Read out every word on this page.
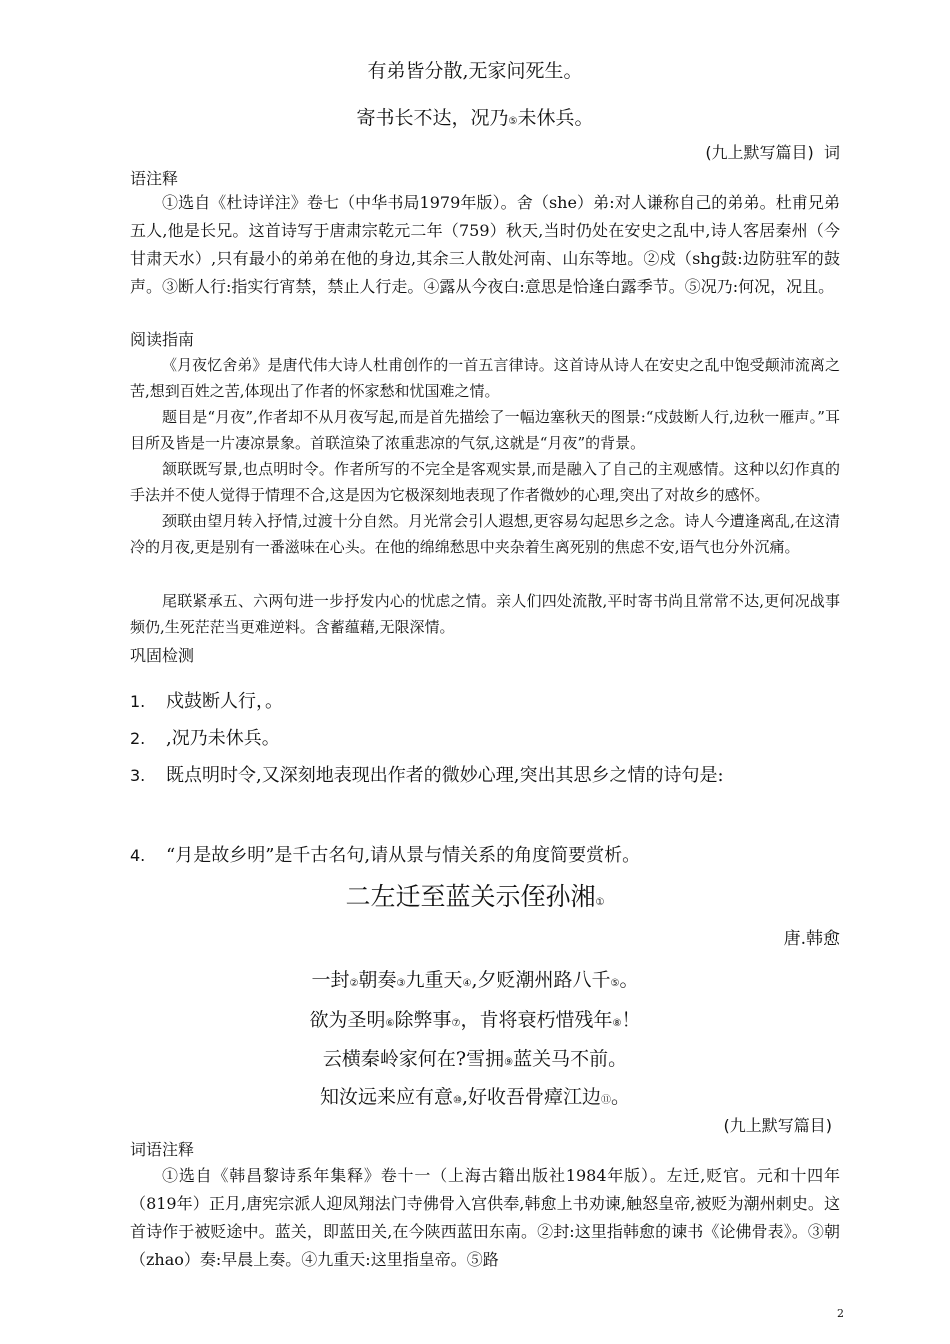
有弟皆分散,无家问死生。
寄书长不达，况乃⑤未休兵。
(九上默写篇目) 词
语注释
①选自《杜诗详注》卷七（中华书局1979年版）。舍（she）弟:对人谦称自己的弟弟。杜甫兄弟五人,他是长兄。这首诗写于唐肃宗乾元二年（759）秋天,当时仍处在安史之乱中,诗人客居秦州（今甘肃天水）,只有最小的弟弟在他的身边,其余三人散处河南、山东等地。②戍（shg鼓:边防驻军的鼓声。③断人行:指实行宵禁，禁止人行走。④露从今夜白:意思是恰逢白露季节。⑤况乃:何况，况且。
阅读指南
《月夜忆舍弟》是唐代伟大诗人杜甫创作的一首五言律诗。这首诗从诗人在安史之乱中饱受颠沛流离之苦,想到百姓之苦,体现出了作者的怀家愁和忧国难之情。
题目是“月夜”,作者却不从月夜写起,而是首先描绘了一幅边塞秋天的图景:“戍鼓断人行,边秋一雁声。”耳目所及皆是一片凄凉景象。首联渲染了浓重悲凉的气氛,这就是“月夜”的背景。
颔联既写景,也点明时令。作者所写的不完全是客观实景,而是融入了自己的主观感情。这种以幻作真的手法并不使人觉得于情理不合,这是因为它极深刻地表现了作者微妙的心理,突出了对故乡的感怀。
颈联由望月转入抒情,过渡十分自然。月光常会引人遐想,更容易勾起思乡之念。诗人今遭逢离乱,在这清冷的月夜,更是别有一番滋味在心头。在他的绵绵愁思中夹杂着生离死别的焦虑不安,语气也分外沉痛。
尾联紧承五、六两句进一步抒发内心的忧虑之情。亲人们四处流散,平时寄书尚且常常不达,更何况战事频仍,生死茫茫当更难逆料。含蓄蕴藉,无限深情。
巩固检测
1. 戍鼓断人行，。
2. ,况乃未休兵。
3. 既点明时令,又深刻地表现出作者的微妙心理,突出其思乡之情的诗句是:
4. “月是故乡明”是千古名句,请从景与情关系的角度简要赏析。
二左迁至蓝关示侄孙湘①
唐.韩愈
一封②朝奏③九重天④,夕贬潮州路八千⑤。
欲为圣明⑥除弊事⑦，肯将衰朽惜残年⑧！
云横秦岭家何在?雪拥⑨蓝关马不前。
知汝远来应有意⑩,好收吾骨瘴江边⑪。
(九上默写篇目)
词语注释
①选自《韩昌黎诗系年集释》卷十一（上海古籍出版社1984年版）。左迁,贬官。元和十四年（819年）正月,唐宪宗派人迎凤翔法门寺佛骨入宫供奉,韩愈上书劝谏,触怒皇帝,被贬为潮州刺史。这首诗作于被贬途中。蓝关，即蓝田关,在今陕西蓝田东南。②封:这里指韩愈的谏书《论佛骨表》。③朝（zhao）奏:早晨上奏。④九重天:这里指皇帝。⑤路
2
